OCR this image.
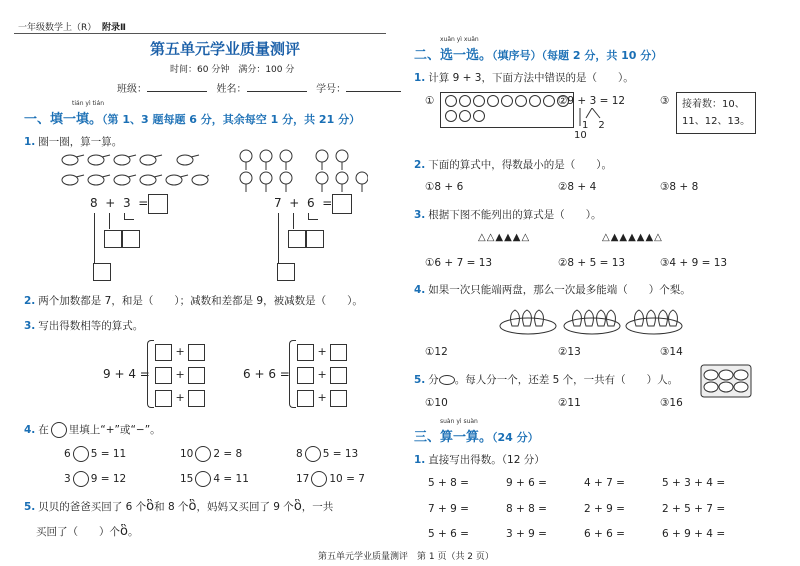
一年级数学上（R） 附录Ⅱ
第五单元学业质量测评
时间：60 分钟　满分：100 分
班级：	姓名：	学号：
tián yì tián
一、填一填。（第 1、3 题每题 6 分，其余每空 1 分，共 21 分）
1. 圈一圈，算一算。
8 + 3 =	7 + 6 =
2. 两个加数都是 7，和是（　　）；减数和差都是 9，被减数是（　　）。
3. 写出得数相等的算式。
9 + 4 =
+
+
+
6 + 6 =
+
+
+
4. 在 里填上“+”或“−”。
6 5 = 11	10 2 = 8	8 5 = 13
3 9 = 12	15 4 = 11	17 10 = 7
5. 贝贝的爸爸买回了 6 个ὃ和 8 个ὃ，妈妈又买回了 9 个ὃ，一共
买回了（　　）个ὃ。
xuǎn yì xuǎn
二、选一选。（填序号）（每题 2 分，共 10 分）
1. 计算 9 + 3，下面方法中错误的是（　　）。
①	②9 + 3 = 12
1　2
10
③ 接着数：10、
11、12、13。
2. 下面的算式中，得数最小的是（　　）。
①8 + 6	②8 + 4	③8 + 8
3. 根据下图不能列出的算式是（　　）。
△△▲▲▲△	△▲▲▲▲▲△
①6 + 7 = 13	②8 + 5 = 13	③4 + 9 = 13
4. 如果一次只能端两盘，那么一次最多能端（　　）个梨。
①12	②13	③14
5. 分 。每人分一个，还差 5 个，一共有（　　）人。
①10	②11	③16
suàn yì suàn
三、算一算。（24 分）
1. 直接写出得数。（12 分）
5 + 8 =	9 + 6 =	4 + 7 =	5 + 3 + 4 =
7 + 9 =	8 + 8 =	2 + 9 =	2 + 5 + 7 =
5 + 6 =	3 + 9 =	6 + 6 =	6 + 9 + 4 =
第五单元学业质量测评　第 1 页（共 2 页）
